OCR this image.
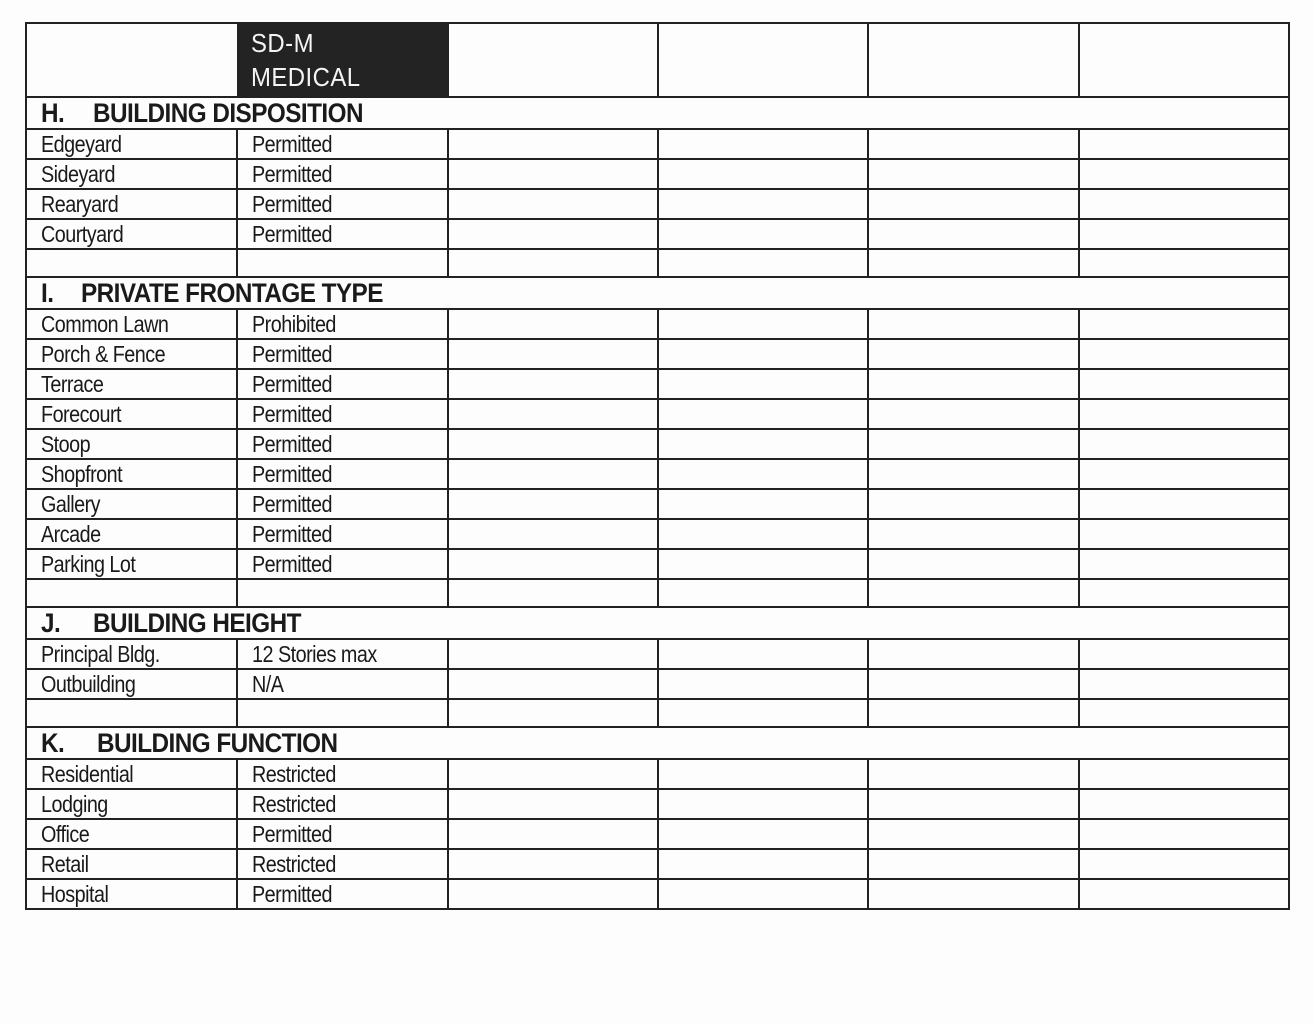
	SD-M
MEDICAL				

H. BUILDING DISPOSITION					
Edgeyard	Permitted				
Sideyard	Permitted				
Rearyard	Permitted				
Courtyard	Permitted				

I. PRIVATE FRONTAGE TYPE					
Common Lawn	Prohibited				
Porch & Fence	Permitted				
Terrace	Permitted				
Forecourt	Permitted				
Stoop	Permitted				
Shopfront	Permitted				
Gallery	Permitted				
Arcade	Permitted				
Parking Lot	Permitted				

J. BUILDING HEIGHT					
Principal Bldg.	12 Stories max				
Outbuilding	N/A				

K. BUILDING FUNCTION					
Residential	Restricted				
Lodging	Restricted				
Office	Permitted				
Retail	Restricted				
Hospital	Permitted				
